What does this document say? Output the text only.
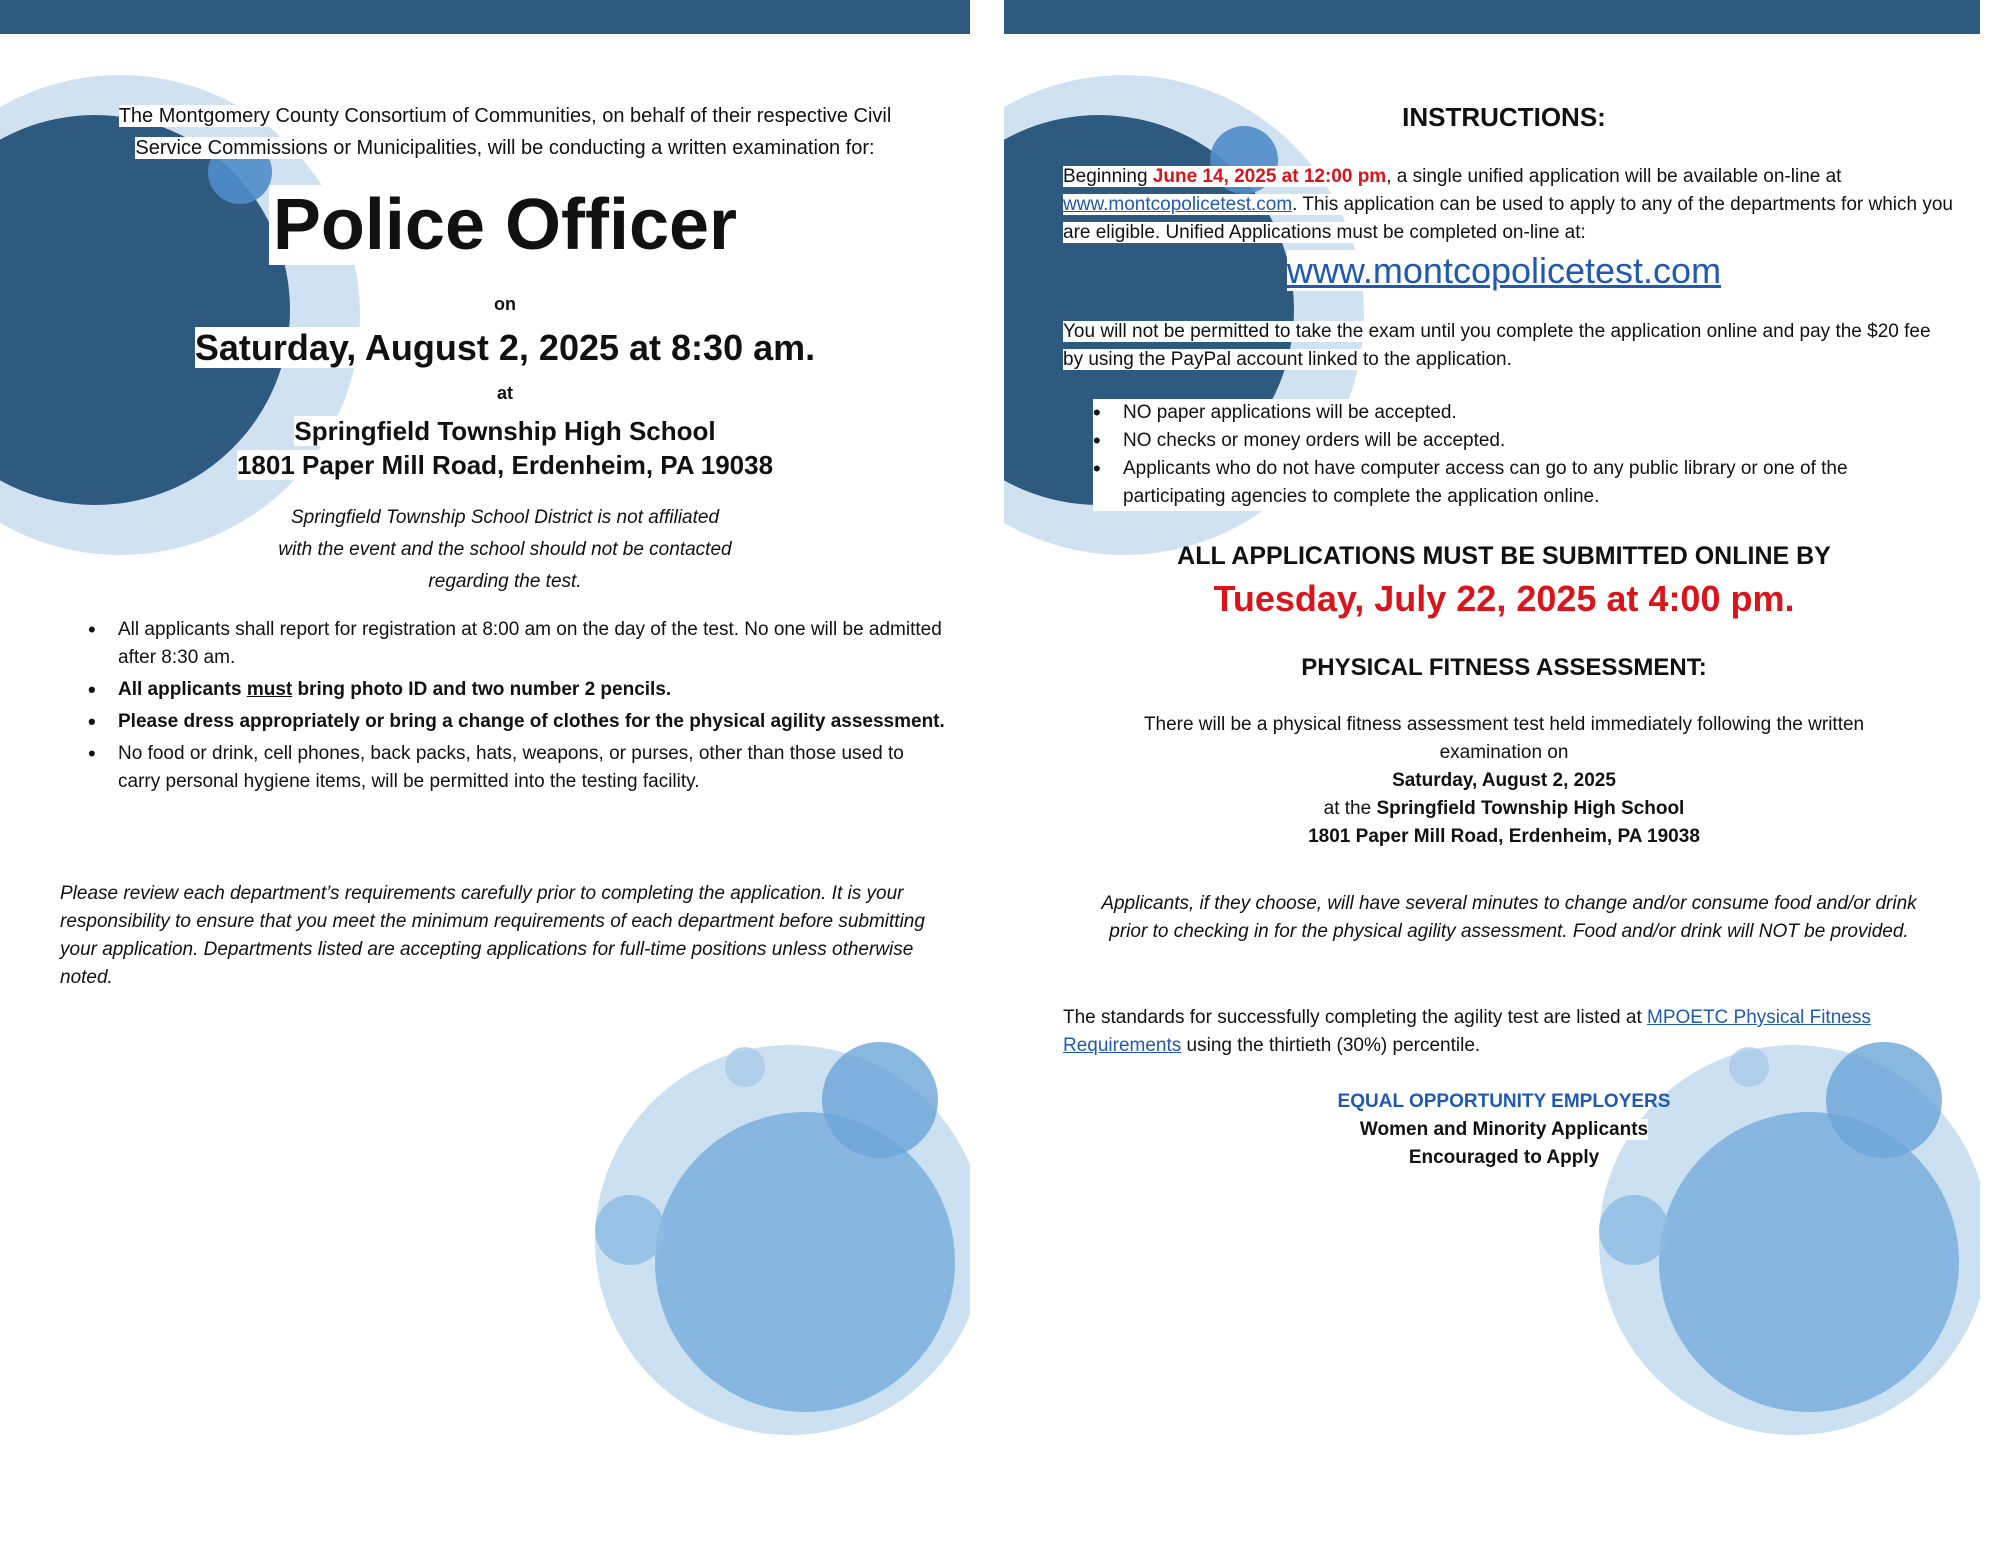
The Montgomery County Consortium of Communities, on behalf of their respective Civil
Service Commissions or Municipalities, will be conducting a written examination for:
Police Officer
on
Saturday, August 2, 2025 at 8:30 am.
at
Springfield Township High School
1801 Paper Mill Road, Erdenheim, PA 19038
Springfield Township School District is not affiliated
with the event and the school should not be contacted
regarding the test.
• All applicants shall report for registration at 8:00 am on the day of the test. No one will be admitted after 8:30 am.
• All applicants must bring photo ID and two number 2 pencils.
• Please dress appropriately or bring a change of clothes for the physical agility assessment.
• No food or drink, cell phones, back packs, hats, weapons, or purses, other than those used to carry personal hygiene items, will be permitted into the testing facility.
Please review each department’s requirements carefully prior to completing the application. It is your responsibility to ensure that you meet the minimum requirements of each department before submitting your application. Departments listed are accepting applications for full-time positions unless otherwise noted.
INSTRUCTIONS:
Beginning June 14, 2025 at 12:00 pm, a single unified application will be available on-line at www.montcopolicetest.com. This application can be used to apply to any of the departments for which you are eligible. Unified Applications must be completed on-line at:
www.montcopolicetest.com
You will not be permitted to take the exam until you complete the application online and pay the $20 fee by using the PayPal account linked to the application.
• NO paper applications will be accepted.
• NO checks or money orders will be accepted.
• Applicants who do not have computer access can go to any public library or one of the participating agencies to complete the application online.
ALL APPLICATIONS MUST BE SUBMITTED ONLINE BY
Tuesday, July 22, 2025 at 4:00 pm.
PHYSICAL FITNESS ASSESSMENT:
There will be a physical fitness assessment test held immediately following the written
examination on
Saturday, August 2, 2025
at the Springfield Township High School
1801 Paper Mill Road, Erdenheim, PA 19038
Applicants, if they choose, will have several minutes to change and/or consume food and/or drink prior to checking in for the physical agility assessment. Food and/or drink will NOT be provided.
The standards for successfully completing the agility test are listed at MPOETC Physical Fitness Requirements using the thirtieth (30%) percentile.
EQUAL OPPORTUNITY EMPLOYERS
Women and Minority Applicants
Encouraged to Apply
